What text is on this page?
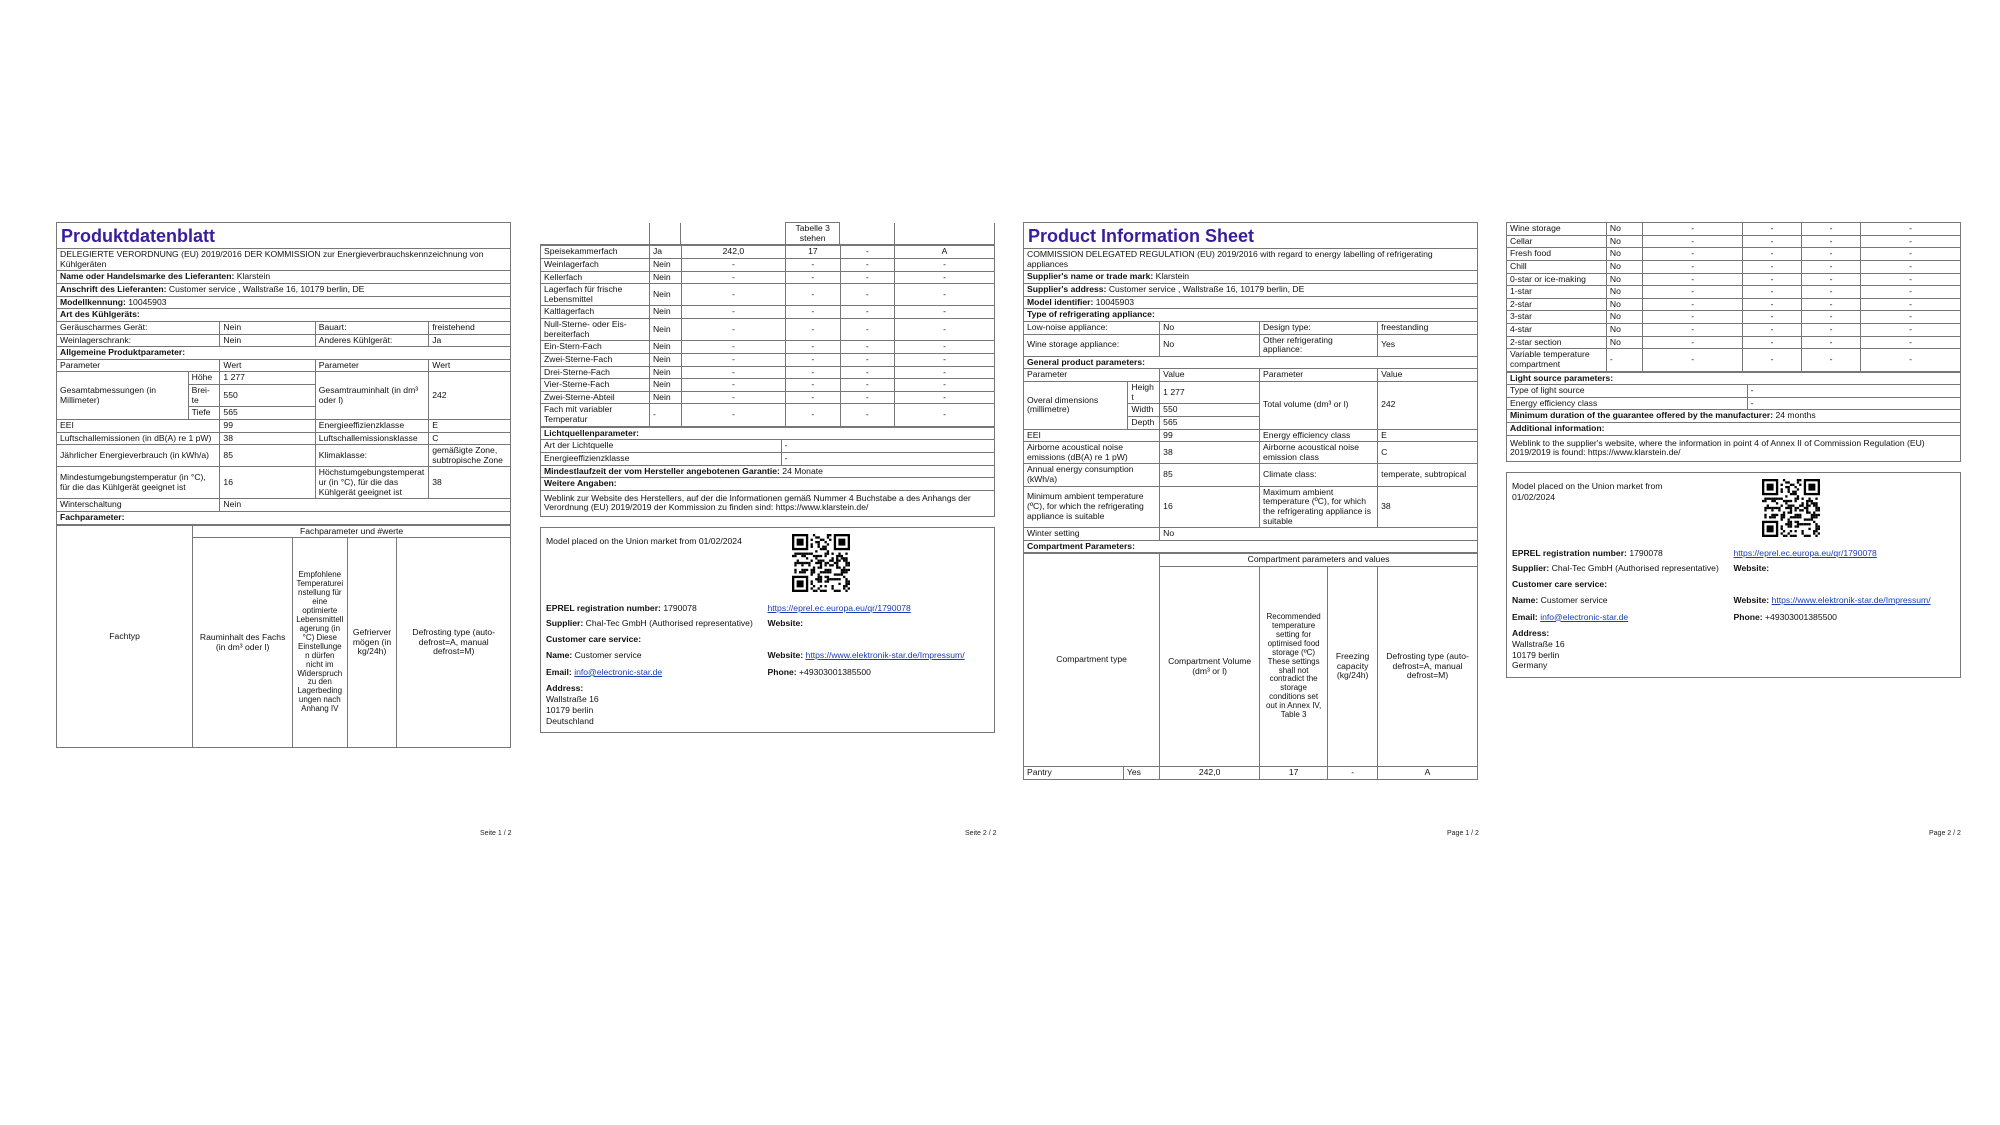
Produktdatenblatt				
DELEGIERTE VERORDNUNG (EU) 2019/2016 DER KOMMISSION zur Energieverbrauchskennzeichnung von Kühlgeräten				
Name oder Handelsmarke des Lieferanten: Klarstein				
Anschrift des Lieferanten: Customer service , Wallstraße 16, 10179 berlin, DE				
Modellkennung: 10045903				
Art des Kühlgeräts:				
Geräuscharmes Gerät:		Nein	Bauart:	freistehend
Weinlagerschrank:		Nein	Anderes Kühlgerät:	Ja
Allgemeine Produktparameter:				
Parameter		Wert	Parameter	Wert
Gesamtabmessungen (in Millimeter)	Höhe	1 277	Gesamtrauminhalt (in dm³ oder l)	242
	Brei-te	550		
	Tiefe	565		
EEI		99	Energieeffizienzklasse	E
Luftschallemissionen (in dB(A) re 1 pW)		38	Luftschallemissionsklasse	C
Jährlicher Energieverbrauch (in kWh/a)		85	Klimaklasse:	gemäßigte Zone, subtropische Zone
Mindestumgebungstemperatur (in °C), für die das Kühlgerät geeignet ist		16	Höchstumgebungstemperatur (in °C), für die das Kühlgerät geeignet ist	38
Winterschaltung		Nein		
Fachparameter:				
Fachtyp	Fachparameter und #werte			
	Rauminhalt des Fachs (in dm³ oder l)	Empfohlene Temperatureinstellung für eine optimierte Lebensmittellagerung (in °C) Diese Einstellungen dürfen nicht im Widerspruch zu den Lagerbedingungen nach Anhang IV	Gefriervermögen (in kg/24h)	Defrosting type (auto-defrost=A, manual defrost=M)
Seite 1 / 2
			Tabelle 3 stehen		
Speisekammerfach	Ja	242,0	17	-	A
Weinlagerfach	Nein	-	-	-	-
Kellerfach	Nein	-	-	-	-
Lagerfach für frische Lebensmittel	Nein	-	-	-	-
Kaltlagerfach	Nein	-	-	-	-
Null-Sterne- oder Eis-bereiterfach	Nein	-	-	-	-
Ein-Stern-Fach	Nein	-	-	-	-
Zwei-Sterne-Fach	Nein	-	-	-	-
Drei-Sterne-Fach	Nein	-	-	-	-
Vier-Sterne-Fach	Nein	-	-	-	-
Zwei-Sterne-Abteil	Nein	-	-	-	-
Fach mit variabler Temperatur	-	-	-	-	-
Lichtquellenparameter:	
Art der Lichtquelle	-
Energieeffizienzklasse	-
Mindestlaufzeit der vom Hersteller angebotenen Garantie: 24 Monate	
Weitere Angaben:	
Weblink zur Website des Herstellers, auf der die Informationen gemäß Nummer 4 Buchstabe a des Anhangs der Verordnung (EU) 2019/2019 der Kommission zu finden sind: https://www.klarstein.de/	
Model placed on the Union market from 01/02/2024
EPREL registration number: 1790078	https://eprel.ec.europa.eu/qr/1790078
Supplier: Chal-Tec GmbH (Authorised representative)	Website:
Customer care service:
Name: Customer service	Website: https://www.elektronik-star.de/Impressum/
Email: info@electronic-star.de	Phone: +49303001385500
Address:
Wallstraße 16
10179 berlin
Deutschland
Seite 2 / 2
Product Information Sheet				
COMMISSION DELEGATED REGULATION (EU) 2019/2016 with regard to energy labelling of refrigerating appliances				
Supplier's name or trade mark: Klarstein				
Supplier's address: Customer service , Wallstraße 16, 10179 berlin, DE				
Model identifier: 10045903				
Type of refrigerating appliance:				
Low-noise appliance:		No	Design type:	freestanding
Wine storage appliance:		No	Other refrigerating appliance:	Yes
General product parameters:				
Parameter		Value	Parameter	Value
Overal dimensions (millimetre)	Height	1 277	Total volume (dm³ or l)	242
	Width	550		
	Depth	565		
EEI		99	Energy efficiency class	E
Airborne acoustical noise emissions (dB(A) re 1 pW)		38	Airborne acoustical noise emission class	C
Annual energy consumption (kWh/a)		85	Climate class:	temperate, subtropical
Minimum ambient temperature (ºC), for which the refrigerating appliance is suitable		16	Maximum ambient temperature (ºC), for which the refrigerating appliance is suitable	38
Winter setting		No		
Compartment Parameters:				
Compartment type		Compartment parameters and values			
		Compartment Volume (dm³ or l)	Recommended temperature setting for optimised food storage (ºC) These settings shall not contradict the storage conditions set out in Annex IV, Table 3	Freezing capacity (kg/24h)	Defrosting type (auto-defrost=A, manual defrost=M)
Pantry	Yes	242,0	17	-	A
Page 1 / 2
Wine storage	No	-	-	-	-
Cellar	No	-	-	-	-
Fresh food	No	-	-	-	-
Chill	No	-	-	-	-
0-star or ice-making	No	-	-	-	-
1-star	No	-	-	-	-
2-star	No	-	-	-	-
3-star	No	-	-	-	-
4-star	No	-	-	-	-
2-star section	No	-	-	-	-
Variable temperature compartment	-	-	-	-	-
Light source parameters:	
Type of light source	-
Energy efficiency class	-
Minimum duration of the guarantee offered by the manufacturer: 24 months	
Additional information:	
Weblink to the supplier's website, where the information in point 4 of Annex II of Commission Regulation (EU) 2019/2019 is found: https://www.klarstein.de/	
Model placed on the Union market from 01/02/2024
EPREL registration number: 1790078	https://eprel.ec.europa.eu/qr/1790078
Supplier: Chal-Tec GmbH (Authorised representative)	Website:
Customer care service:
Name: Customer service	Website: https://www.elektronik-star.de/Impressum/
Email: info@electronic-star.de	Phone: +49303001385500
Address:
Wallstraße 16
10179 berlin
Germany
Page 2 / 2
